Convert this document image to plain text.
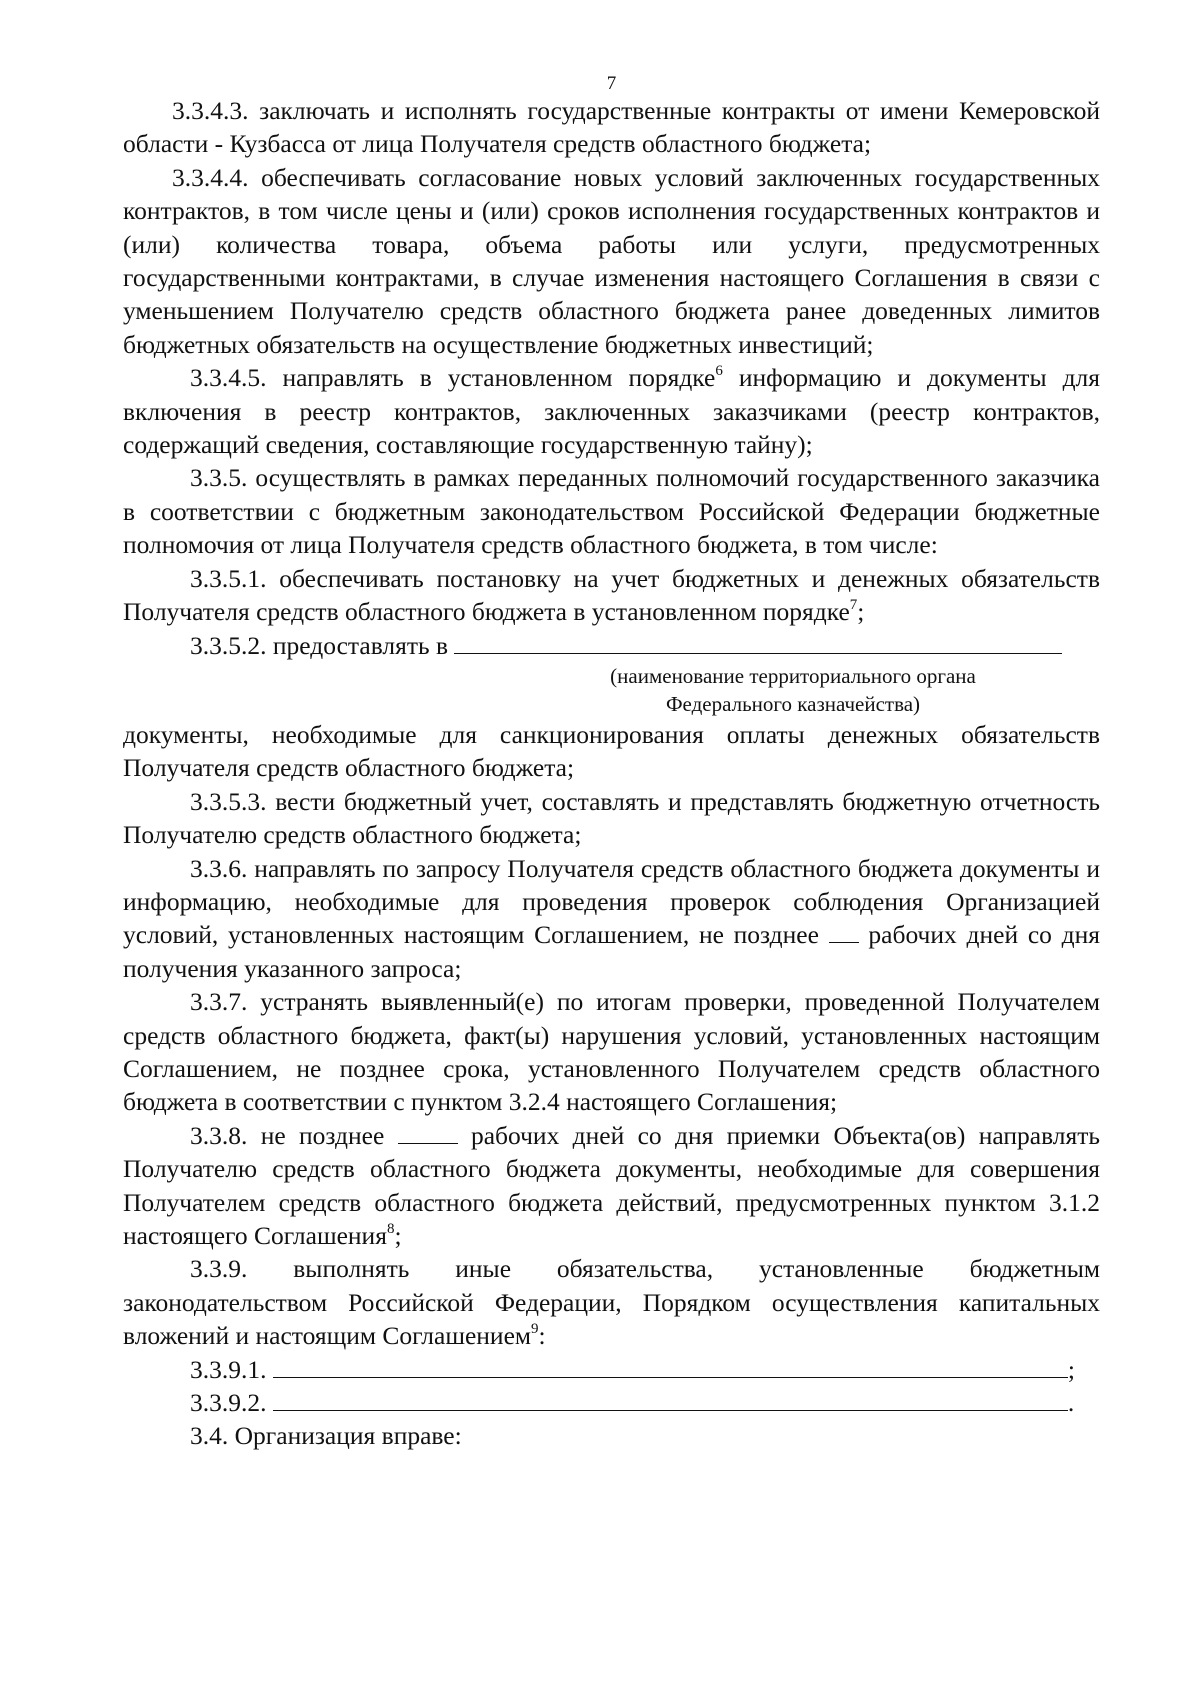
7

3.3.4.3. заключать и исполнять государственные контракты от имени Кемеровской области - Кузбасса от лица Получателя средств областного бюджета;

3.3.4.4. обеспечивать согласование новых условий заключенных государственных контрактов, в том числе цены и (или) сроков исполнения государственных контрактов и (или) количества товара, объема работы или услуги, предусмотренных государственными контрактами, в случае изменения настоящего Соглашения в связи с уменьшением Получателю средств областного бюджета ранее доведенных лимитов бюджетных обязательств на осуществление бюджетных инвестиций;

3.3.4.5. направлять в установленном порядке$^6$ информацию и документы для включения в реестр контрактов, заключенных заказчиками (реестр контрактов, содержащий сведения, составляющие государственную тайну);

3.3.5. осуществлять в рамках переданных полномочий государственного заказчика в соответствии с бюджетным законодательством Российской Федерации бюджетные полномочия от лица Получателя средств областного бюджета, в том числе:

3.3.5.1. обеспечивать постановку на учет бюджетных и денежных обязательств Получателя средств областного бюджета в установленном порядке$^7$;

3.3.5.2. предоставлять в

(наименование территориального органа
Федерального казначейства)

документы, необходимые для санкционирования оплаты денежных обязательств Получателя средств областного бюджета;

3.3.5.3. вести бюджетный учет, составлять и представлять бюджетную отчетность Получателю средств областного бюджета;

3.3.6. направлять по запросу Получателя средств областного бюджета документы и информацию, необходимые для проведения проверок соблюдения Организацией условий, установленных настоящим Соглашением, не позднее  рабочих дней со дня получения указанного запроса;

3.3.7. устранять выявленный(е) по итогам проверки, проведенной Получателем средств областного бюджета, факт(ы) нарушения условий, установленных настоящим Соглашением, не позднее срока, установленного Получателем средств областного бюджета в соответствии с пунктом 3.2.4 настоящего Соглашения;

3.3.8. не позднее  рабочих дней со дня приемки Объекта(ов) направлять Получателю средств областного бюджета документы, необходимые для совершения Получателем средств областного бюджета действий, предусмотренных пунктом 3.1.2 настоящего Соглашения$^8$;

3.3.9. выполнять иные обязательства, установленные бюджетным законодательством Российской Федерации, Порядком осуществления капитальных вложений и настоящим Соглашением$^9$:

3.3.9.1.	;

3.3.9.2.	.

3.4. Организация вправе:
